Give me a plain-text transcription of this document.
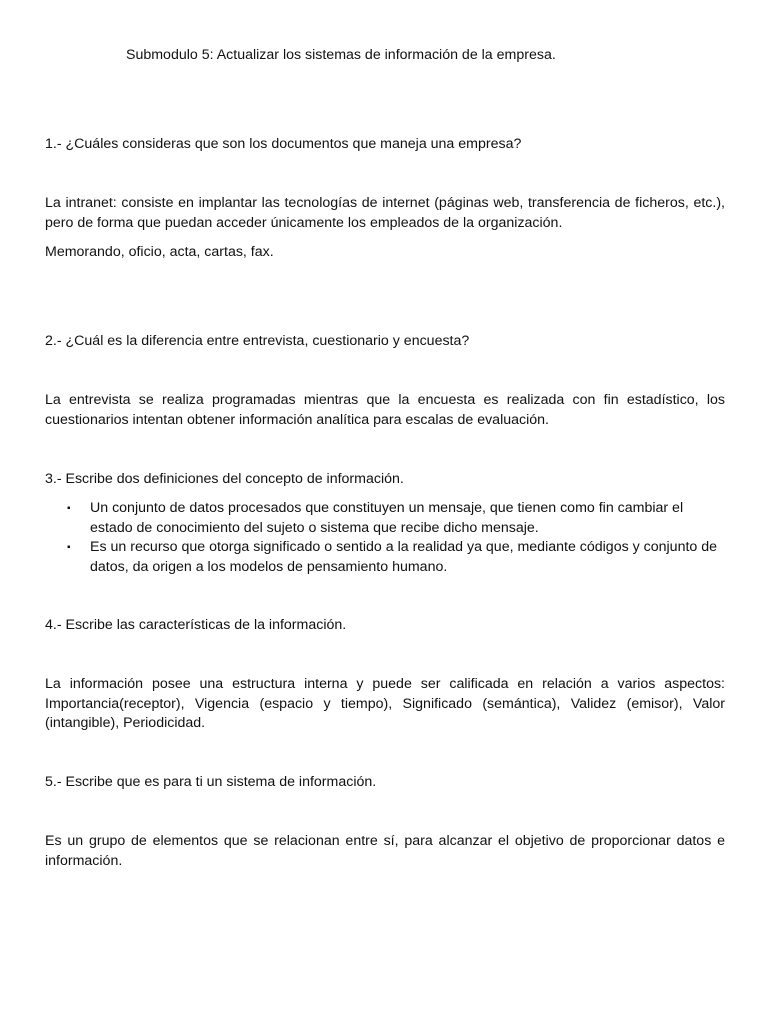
Submodulo 5: Actualizar los sistemas de información de la empresa.

1.- ¿Cuáles consideras que son los documentos que maneja una empresa?

La intranet: consiste en implantar las tecnologías de internet (páginas web, transferencia de ficheros, etc.), pero de forma que puedan acceder únicamente los empleados de la organización.

Memorando, oficio, acta, cartas, fax.

2.- ¿Cuál es la diferencia entre entrevista, cuestionario y encuesta?

La entrevista se realiza programadas mientras que la encuesta es realizada con fin estadístico, los cuestionarios intentan obtener información analítica para escalas de evaluación.

3.- Escribe dos definiciones del concepto de información.

▪ Un conjunto de datos procesados que constituyen un mensaje, que tienen como fin cambiar el estado de conocimiento del sujeto o sistema que recibe dicho mensaje.
▪ Es un recurso que otorga significado o sentido a la realidad ya que, mediante códigos y conjunto de datos, da origen a los modelos de pensamiento humano.

4.- Escribe las características de la información.

La información posee una estructura interna y puede ser calificada en relación a varios aspectos: Importancia(receptor), Vigencia (espacio y tiempo), Significado (semántica), Validez (emisor), Valor (intangible), Periodicidad.

5.- Escribe que es para ti un sistema de información.

Es un grupo de elementos que se relacionan entre sí, para alcanzar el objetivo de proporcionar datos e información.
